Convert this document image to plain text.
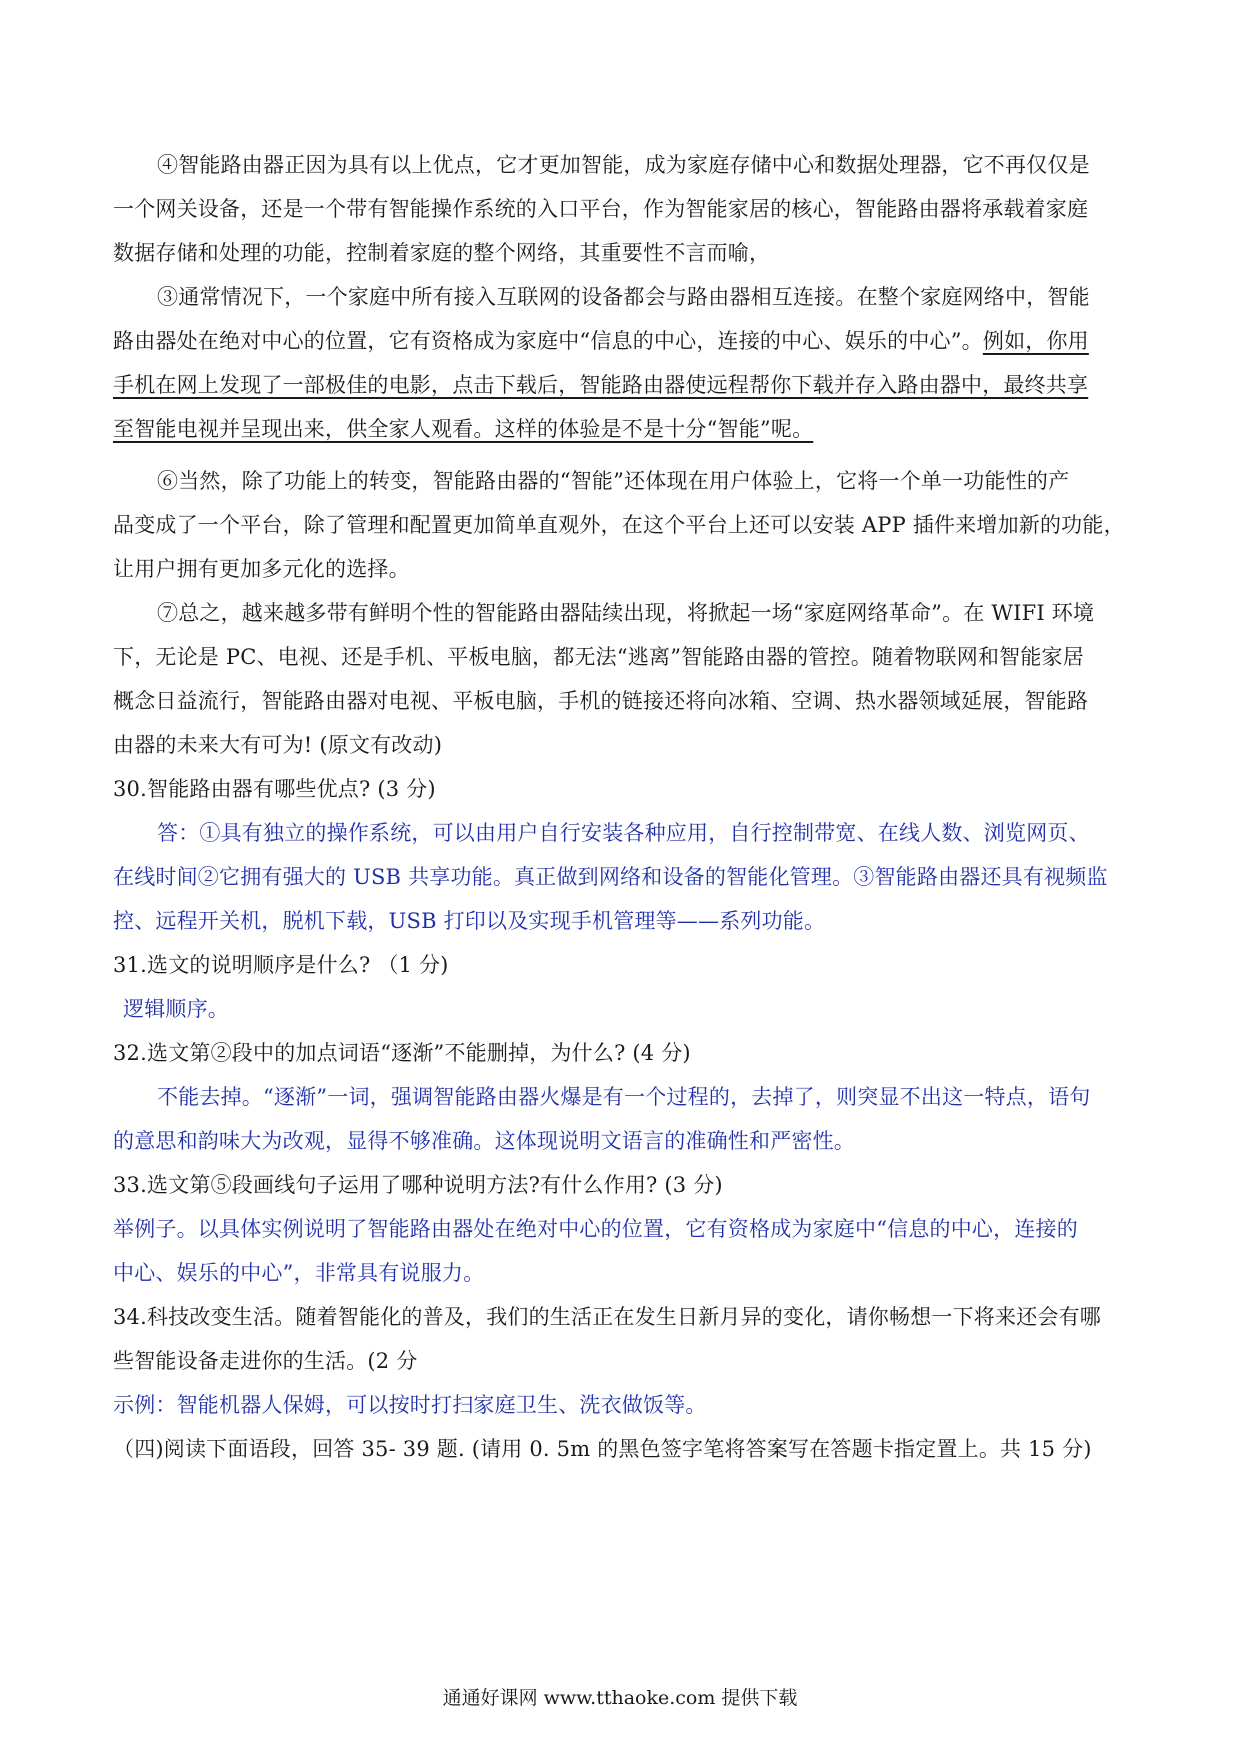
④智能路由器正因为具有以上优点，它才更加智能，成为家庭存储中心和数据处理器，它不再仅仅是
一个网关设备，还是一个带有智能操作系统的入口平台，作为智能家居的核心，智能路由器将承载着家庭
数据存储和处理的功能，控制着家庭的整个网络，其重要性不言而喻，
③通常情况下，一个家庭中所有接入互联网的设备都会与路由器相互连接。在整个家庭网络中，智能
路由器处在绝对中心的位置，它有资格成为家庭中“信息的中心，连接的中心、娱乐的中心”。例如，你用
手机在网上发现了一部极佳的电影，点击下载后，智能路由器使远程帮你下载并存入路由器中，最终共享
至智能电视并呈现出来，供全家人观看。这样的体验是不是十分“智能”呢。
⑥当然，除了功能上的转变，智能路由器的“智能”还体现在用户体验上，它将一个单一功能性的产
品变成了一个平台，除了管理和配置更加简单直观外，在这个平台上还可以安装 APP 插件来增加新的功能，
让用户拥有更加多元化的选择。
⑦总之，越来越多带有鲜明个性的智能路由器陆续出现，将掀起一场“家庭网络革命”。在 WIFI 环境
下，无论是 PC、电视、还是手机、平板电脑，都无法“逃离”智能路由器的管控。随着物联网和智能家居
概念日益流行，智能路由器对电视、平板电脑，手机的链接还将向冰箱、空调、热水器领域延展，智能路
由器的未来大有可为! (原文有改动)
30.智能路由器有哪些优点? (3 分)
答：①具有独立的操作系统，可以由用户自行安装各种应用，自行控制带宽、在线人数、浏览网页、
在线时间②它拥有强大的 USB 共享功能。真正做到网络和设备的智能化管理。③智能路由器还具有视频监
控、远程开关机，脱机下载，USB 打印以及实现手机管理等——系列功能。
31.选文的说明顺序是什么? （1 分)
逻辑顺序。
32.选文第②段中的加点词语“逐渐”不能删掉，为什么? (4 分)
不能去掉。“逐渐”一词，强调智能路由器火爆是有一个过程的，去掉了，则突显不出这一特点，语句
的意思和韵味大为改观，显得不够准确。这体现说明文语言的准确性和严密性。
33.选文第⑤段画线句子运用了哪种说明方法?有什么作用? (3 分)
举例子。以具体实例说明了智能路由器处在绝对中心的位置，它有资格成为家庭中“信息的中心，连接的
中心、娱乐的中心”，非常具有说服力。
34.科技改变生活。随着智能化的普及，我们的生活正在发生日新月异的变化，请你畅想一下将来还会有哪
些智能设备走进你的生活。(2 分
示例：智能机器人保姆，可以按时打扫家庭卫生、洗衣做饭等。
（四)阅读下面语段，回答 35- 39 题. (请用 0. 5m 的黑色签字笔将答案写在答题卡指定置上。共 15 分)
通通好课网 www.tthaoke.com 提供下载
